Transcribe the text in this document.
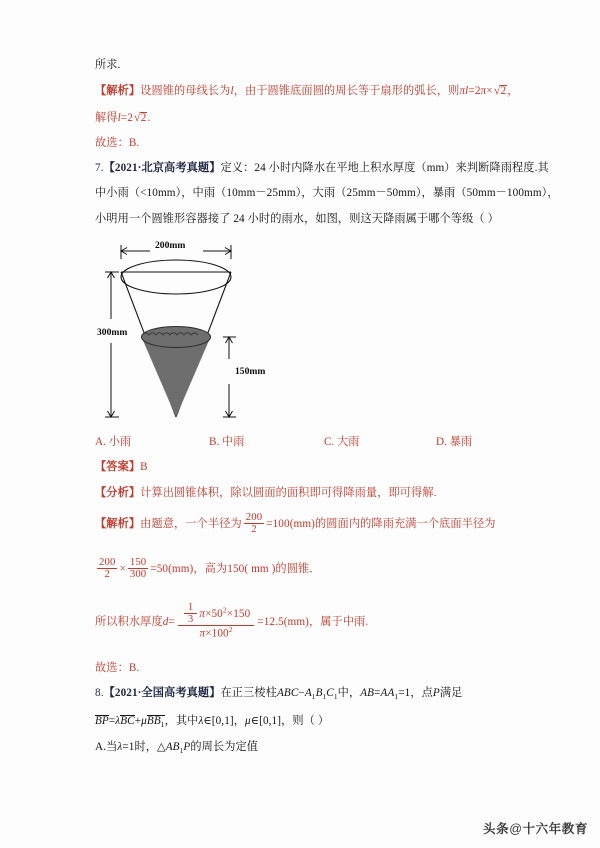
所求.
【解析】设圆锥的母线长为l，由于圆锥底面圆的周长等于扇形的弧长，则πl=2π× √ 2，
解得l=2 √ 2.
故选：B.
7.【2021·北京高考真题】定义：24 小时内降水在平地上积水厚度（mm）来判断降雨程度.其
中小雨（<10mm），中雨（10mm－25mm），大雨（25mm－50mm），暴雨（50mm－100mm），
小明用一个圆锥形容器接了 24 小时的雨水，如图，则这天降雨属于哪个等级（ ）
200mm
300mm
150mm
A. 小雨	B. 中雨	C. 大雨	D. 暴雨
【答案】B
【分析】计算出圆锥体积，除以圆面的面积即可得降雨量，即可得解.
【解析】由题意，一个半径为 $\frac{200}{2} =100(mm)$的圆面内的降雨充满一个底面半径为
$\frac{200}{2} \times \frac{150}{300} =50(mm)$，高为150( mm )的圆锥．
所以积水厚度$d= \frac{\frac{1}{3} \pi\times 50^2\times 150}{\pi\times 100^2} =12.5(mm)$，属于中雨.
故选：B.
8.【2021·全国高考真题】在正三棱柱$ABC-A_1B_1C_1$中，$AB=AA_1=1$，点P满足
BP=λBC+μBB$_1$，其中λ∈[0,1]，μ∈[0,1]，则（ ）
A.当λ=1时，$\triangle AB_1P$的周长为定值
头条@十六年教育
